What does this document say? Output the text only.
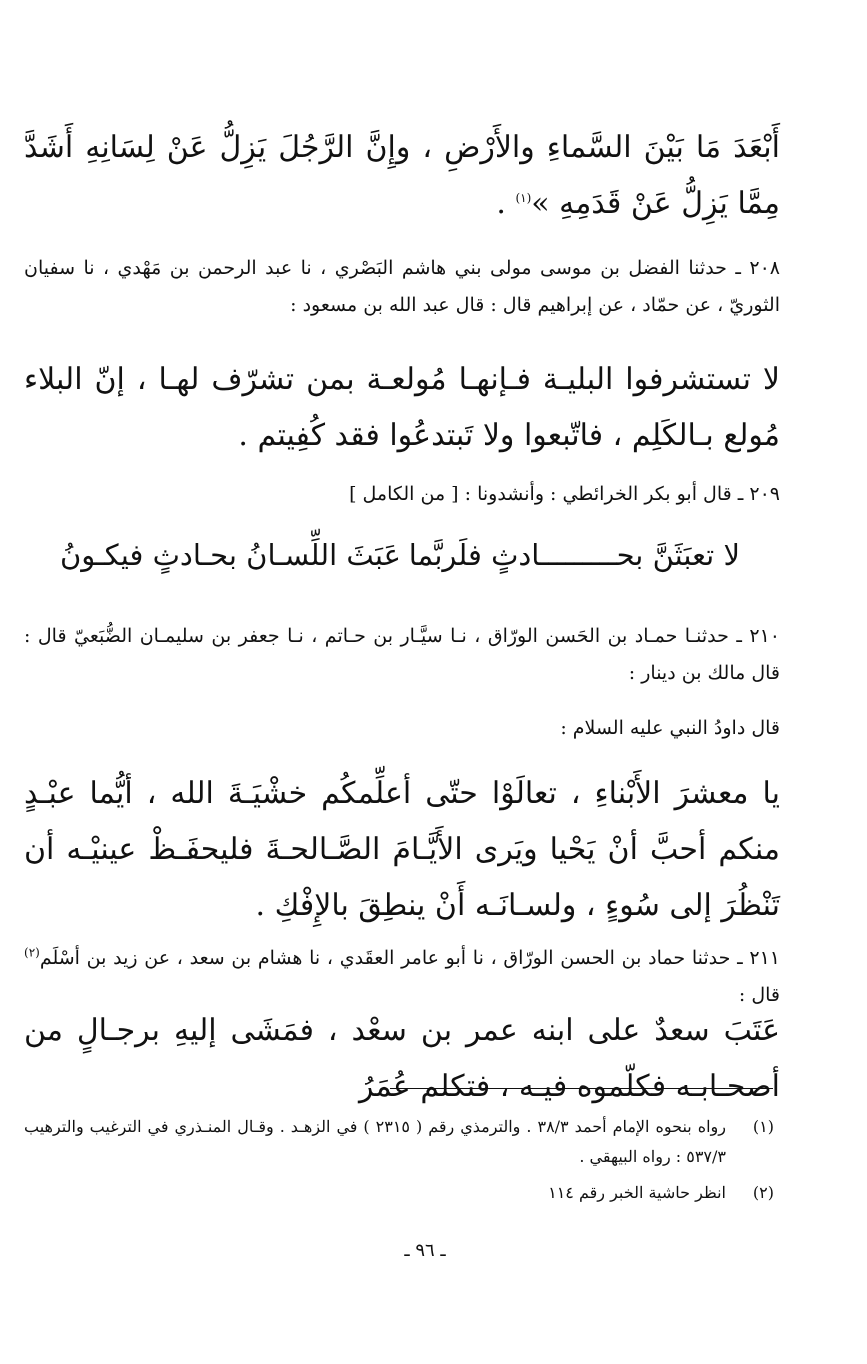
أَبْعَدَ مَا بَيْنَ السَّماءِ والأَرْضِ ، وإِنَّ الرَّجُلَ يَزِلُّ عَنْ لِسَانِهِ أَشَدَّ مِمَّا يَزِلُّ عَنْ قَدَمِهِ »$^{(١)}$ .

٢٠٨ ـ حدثنا الفضل بن موسى مولى بني هاشم البَصْري ، نا عبد الرحمن بن مَهْدي ، نا سفيان الثوريّ ، عن حمّاد ، عن إبراهيم قال : قال عبد الله بن مسعود :

لا تستشرفوا البليـة فـإنهـا مُولعـة بمن تشرّف لهـا ، إنّ البلاء مُولع بـالكَلِم ، فاتّبعوا ولا تَبتدعُوا فقد كُفِيتم .

٢٠٩ ـ قال أبو بكر الخرائطي : وأنشدونا : [ من الكامل ]

لا تعبَثَنَّ بحـــــــــادثٍ فلَربَّما
عَبَثَ اللِّسـانُ بحـادثٍ فيكـونُ

٢١٠ ـ حدثنـا حمـاد بن الحَسن الورّاق ، نـا سيَّـار بن حـاتم ، نـا جعفر بن سليمـان الضُّبَعيّ قال : قال مالك بن دينار :

قال داودُ النبي عليه السلام :

يا معشرَ الأَبْناءِ ، تعالَوْا حتّى أعلِّمكُم خشْيَـةَ الله ، أيُّما عبْـدٍ منكم أحبَّ أنْ يَحْيا ويَرى الأَيَّـامَ الصَّـالحـةَ فليحفَـظْ عينيْـه أن تَنْظُرَ إلى سُوءٍ ، ولسـانَـه أَنْ ينطِقَ بالإِفْكِ .

٢١١ ـ حدثنا حماد بن الحسن الورّاق ، نا أبو عامر العقَدي ، نا هشام بن سعد ، عن زيد بن أسْلَم$^{(٢)}$ قال :

عَتَبَ سعدٌ على ابنه عمر بن سعْد ، فمَشَى إليهِ برجـالٍ من أصحـابـه فكلّموه فيـه ، فتكلم عُمَرُ

(١)
رواه بنحوه الإمام أحمد ٣٨/٣ . والترمذي رقم ( ٢٣١٥ ) في الزهـد . وقـال المنـذري في الترغيب والترهيب ٥٣٧/٣ : رواه البيهقي .
(٢)
انظر حاشية الخبر رقم ١١٤
ـ ٩٦ ـ
